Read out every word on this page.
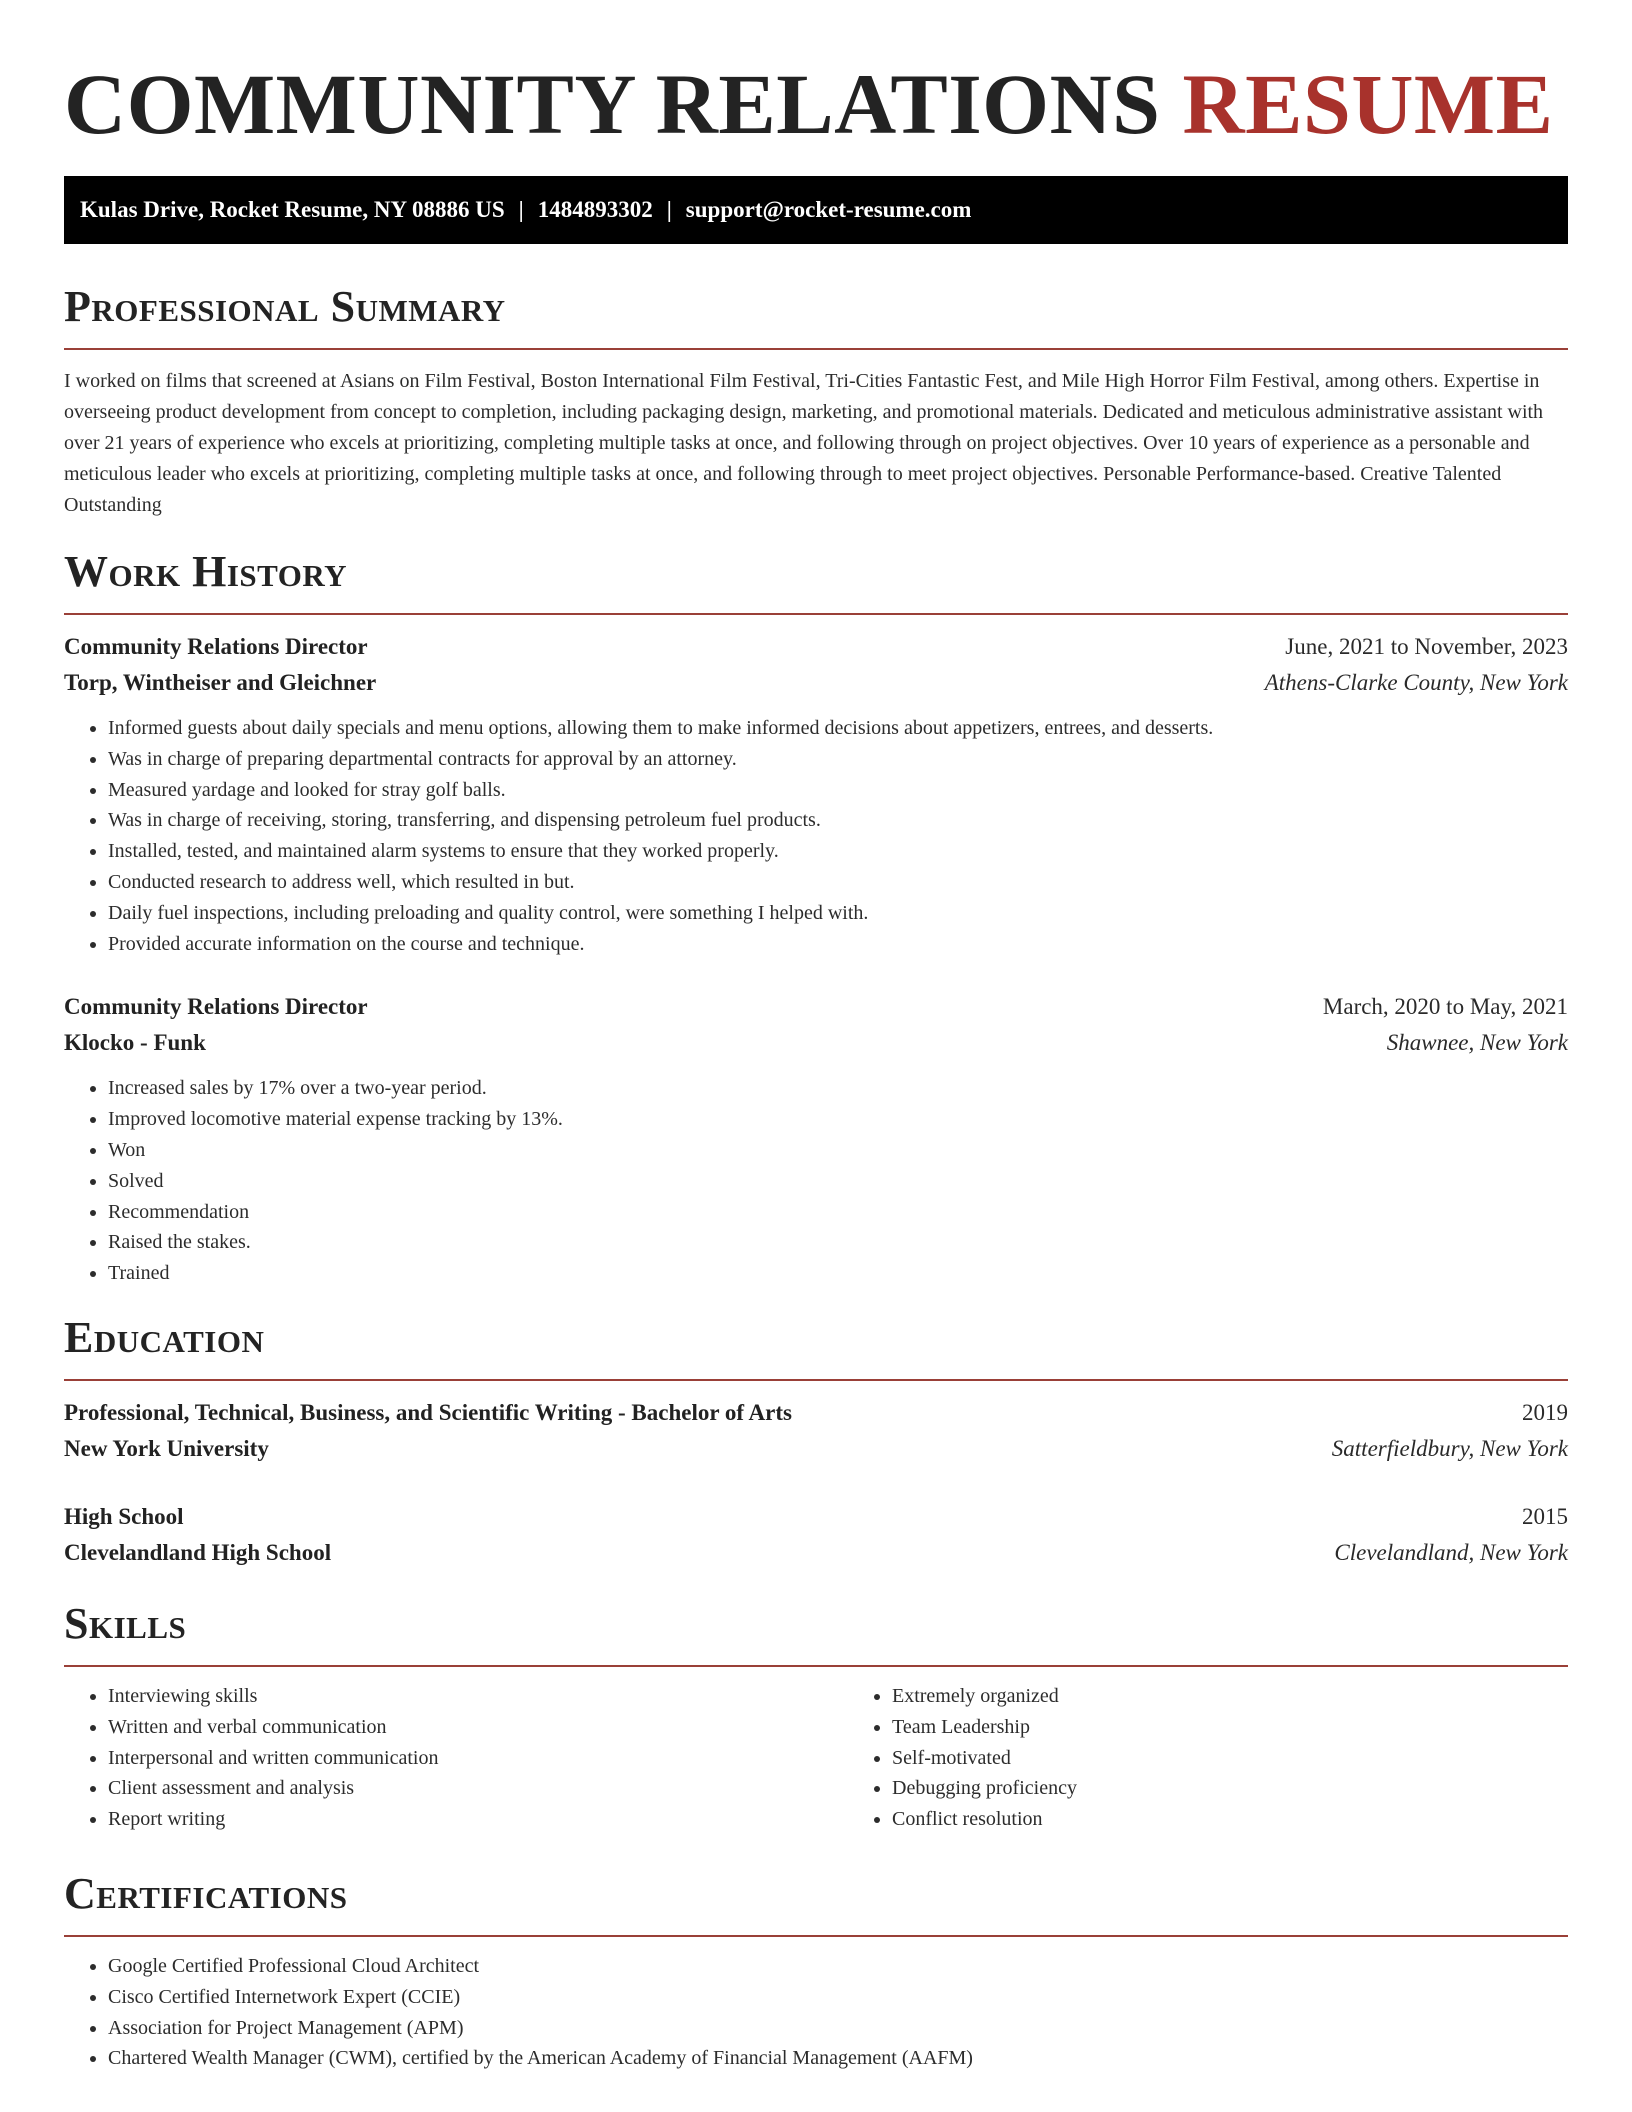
COMMUNITY RELATIONS RESUME
Kulas Drive, Rocket Resume, NY 08886 US | 1484893302 | support@rocket-resume.com
Professional Summary

I worked on films that screened at Asians on Film Festival, Boston International Film Festival, Tri-Cities Fantastic Fest, and Mile High Horror Film Festival, among others. Expertise in overseeing product development from concept to completion, including packaging design, marketing, and promotional materials. Dedicated and meticulous administrative assistant with over 21 years of experience who excels at prioritizing, completing multiple tasks at once, and following through on project objectives. Over 10 years of experience as a personable and meticulous leader who excels at prioritizing, completing multiple tasks at once, and following through to meet project objectives. Personable Performance-based. Creative Talented Outstanding

Work History
Community Relations Director	June, 2021 to November, 2023
Torp, Wintheiser and Gleichner	Athens-Clarke County, New York
• Informed guests about daily specials and menu options, allowing them to make informed decisions about appetizers, entrees, and desserts.
• Was in charge of preparing departmental contracts for approval by an attorney.
• Measured yardage and looked for stray golf balls.
• Was in charge of receiving, storing, transferring, and dispensing petroleum fuel products.
• Installed, tested, and maintained alarm systems to ensure that they worked properly.
• Conducted research to address well, which resulted in but.
• Daily fuel inspections, including preloading and quality control, were something I helped with.
• Provided accurate information on the course and technique.
Community Relations Director	March, 2020 to May, 2021
Klocko - Funk	Shawnee, New York
• Increased sales by 17% over a two-year period.
• Improved locomotive material expense tracking by 13%.
• Won
• Solved
• Recommendation
• Raised the stakes.
• Trained
Education
Professional, Technical, Business, and Scientific Writing - Bachelor of Arts	2019
New York University	Satterfieldbury, New York
High School	2015
Clevelandland High School	Clevelandland, New York
Skills
• Interviewing skills
• Written and verbal communication
• Interpersonal and written communication
• Client assessment and analysis
• Report writing
• Extremely organized
• Team Leadership
• Self-motivated
• Debugging proficiency
• Conflict resolution
Certifications
• Google Certified Professional Cloud Architect
• Cisco Certified Internetwork Expert (CCIE)
• Association for Project Management (APM)
• Chartered Wealth Manager (CWM), certified by the American Academy of Financial Management (AAFM)
